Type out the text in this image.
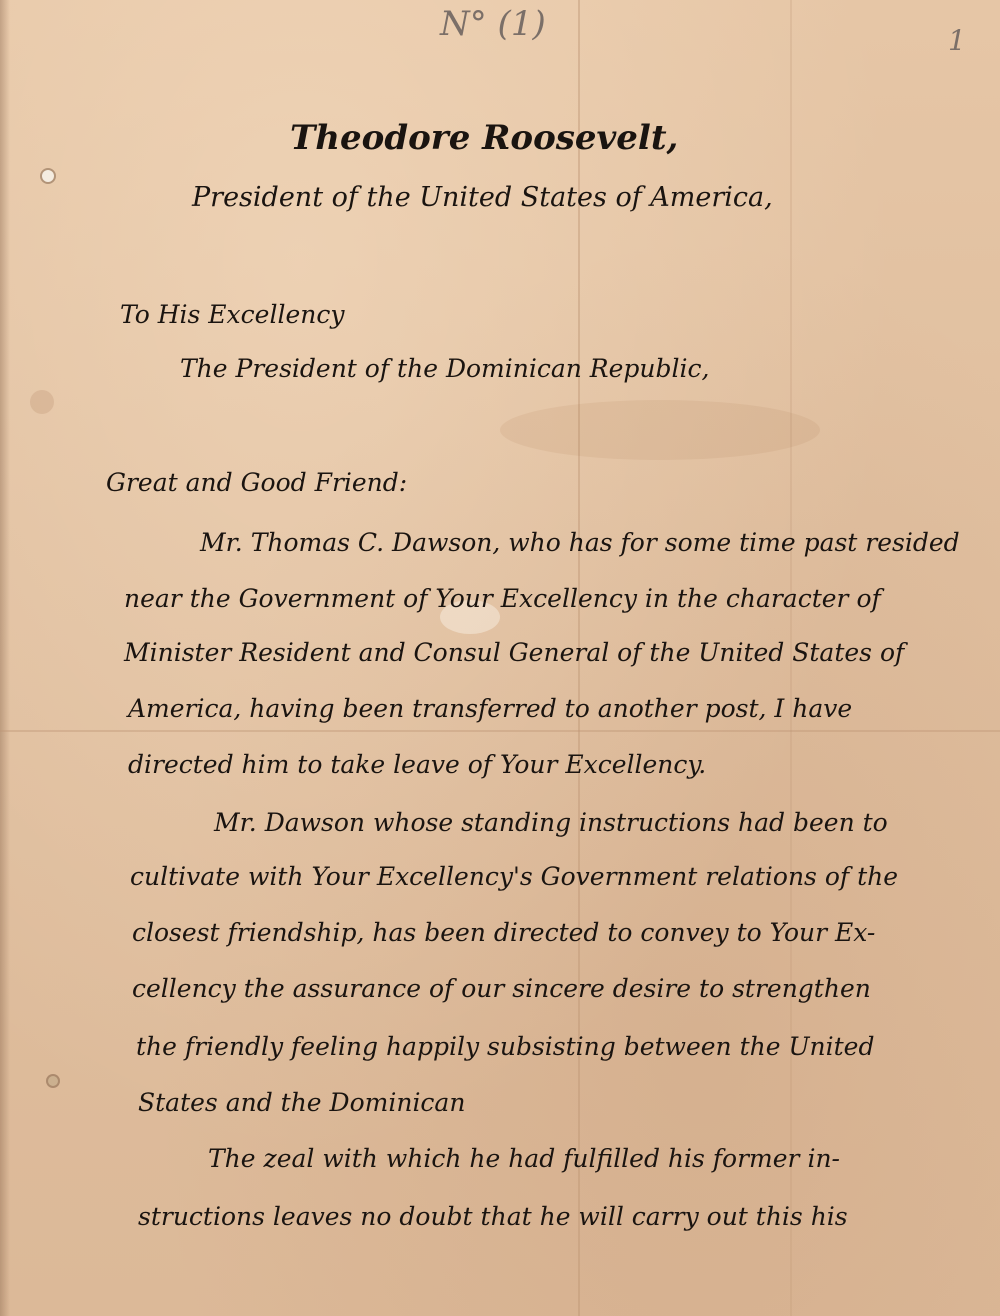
N° (1)	1
Theodore Roosevelt,
President of the United States of America,
To His Excellency
The President of the Dominican Republic,
Great and Good Friend:
Mr. Thomas C. Dawson, who has for some time past resided
near the Government of Your Excellency in the character of
Minister Resident and Consul General of the United States of
America, having been transferred to another post, I have
directed him to take leave of Your Excellency.
Mr. Dawson whose standing instructions had been to
cultivate with Your Excellency's Government relations of the
closest friendship, has been directed to convey to Your Ex-
cellency the assurance of our sincere desire to strengthen
the friendly feeling happily subsisting between the United
States and the Dominican
The zeal with which he had fulfilled his former in-
structions leaves no doubt that he will carry out this his
